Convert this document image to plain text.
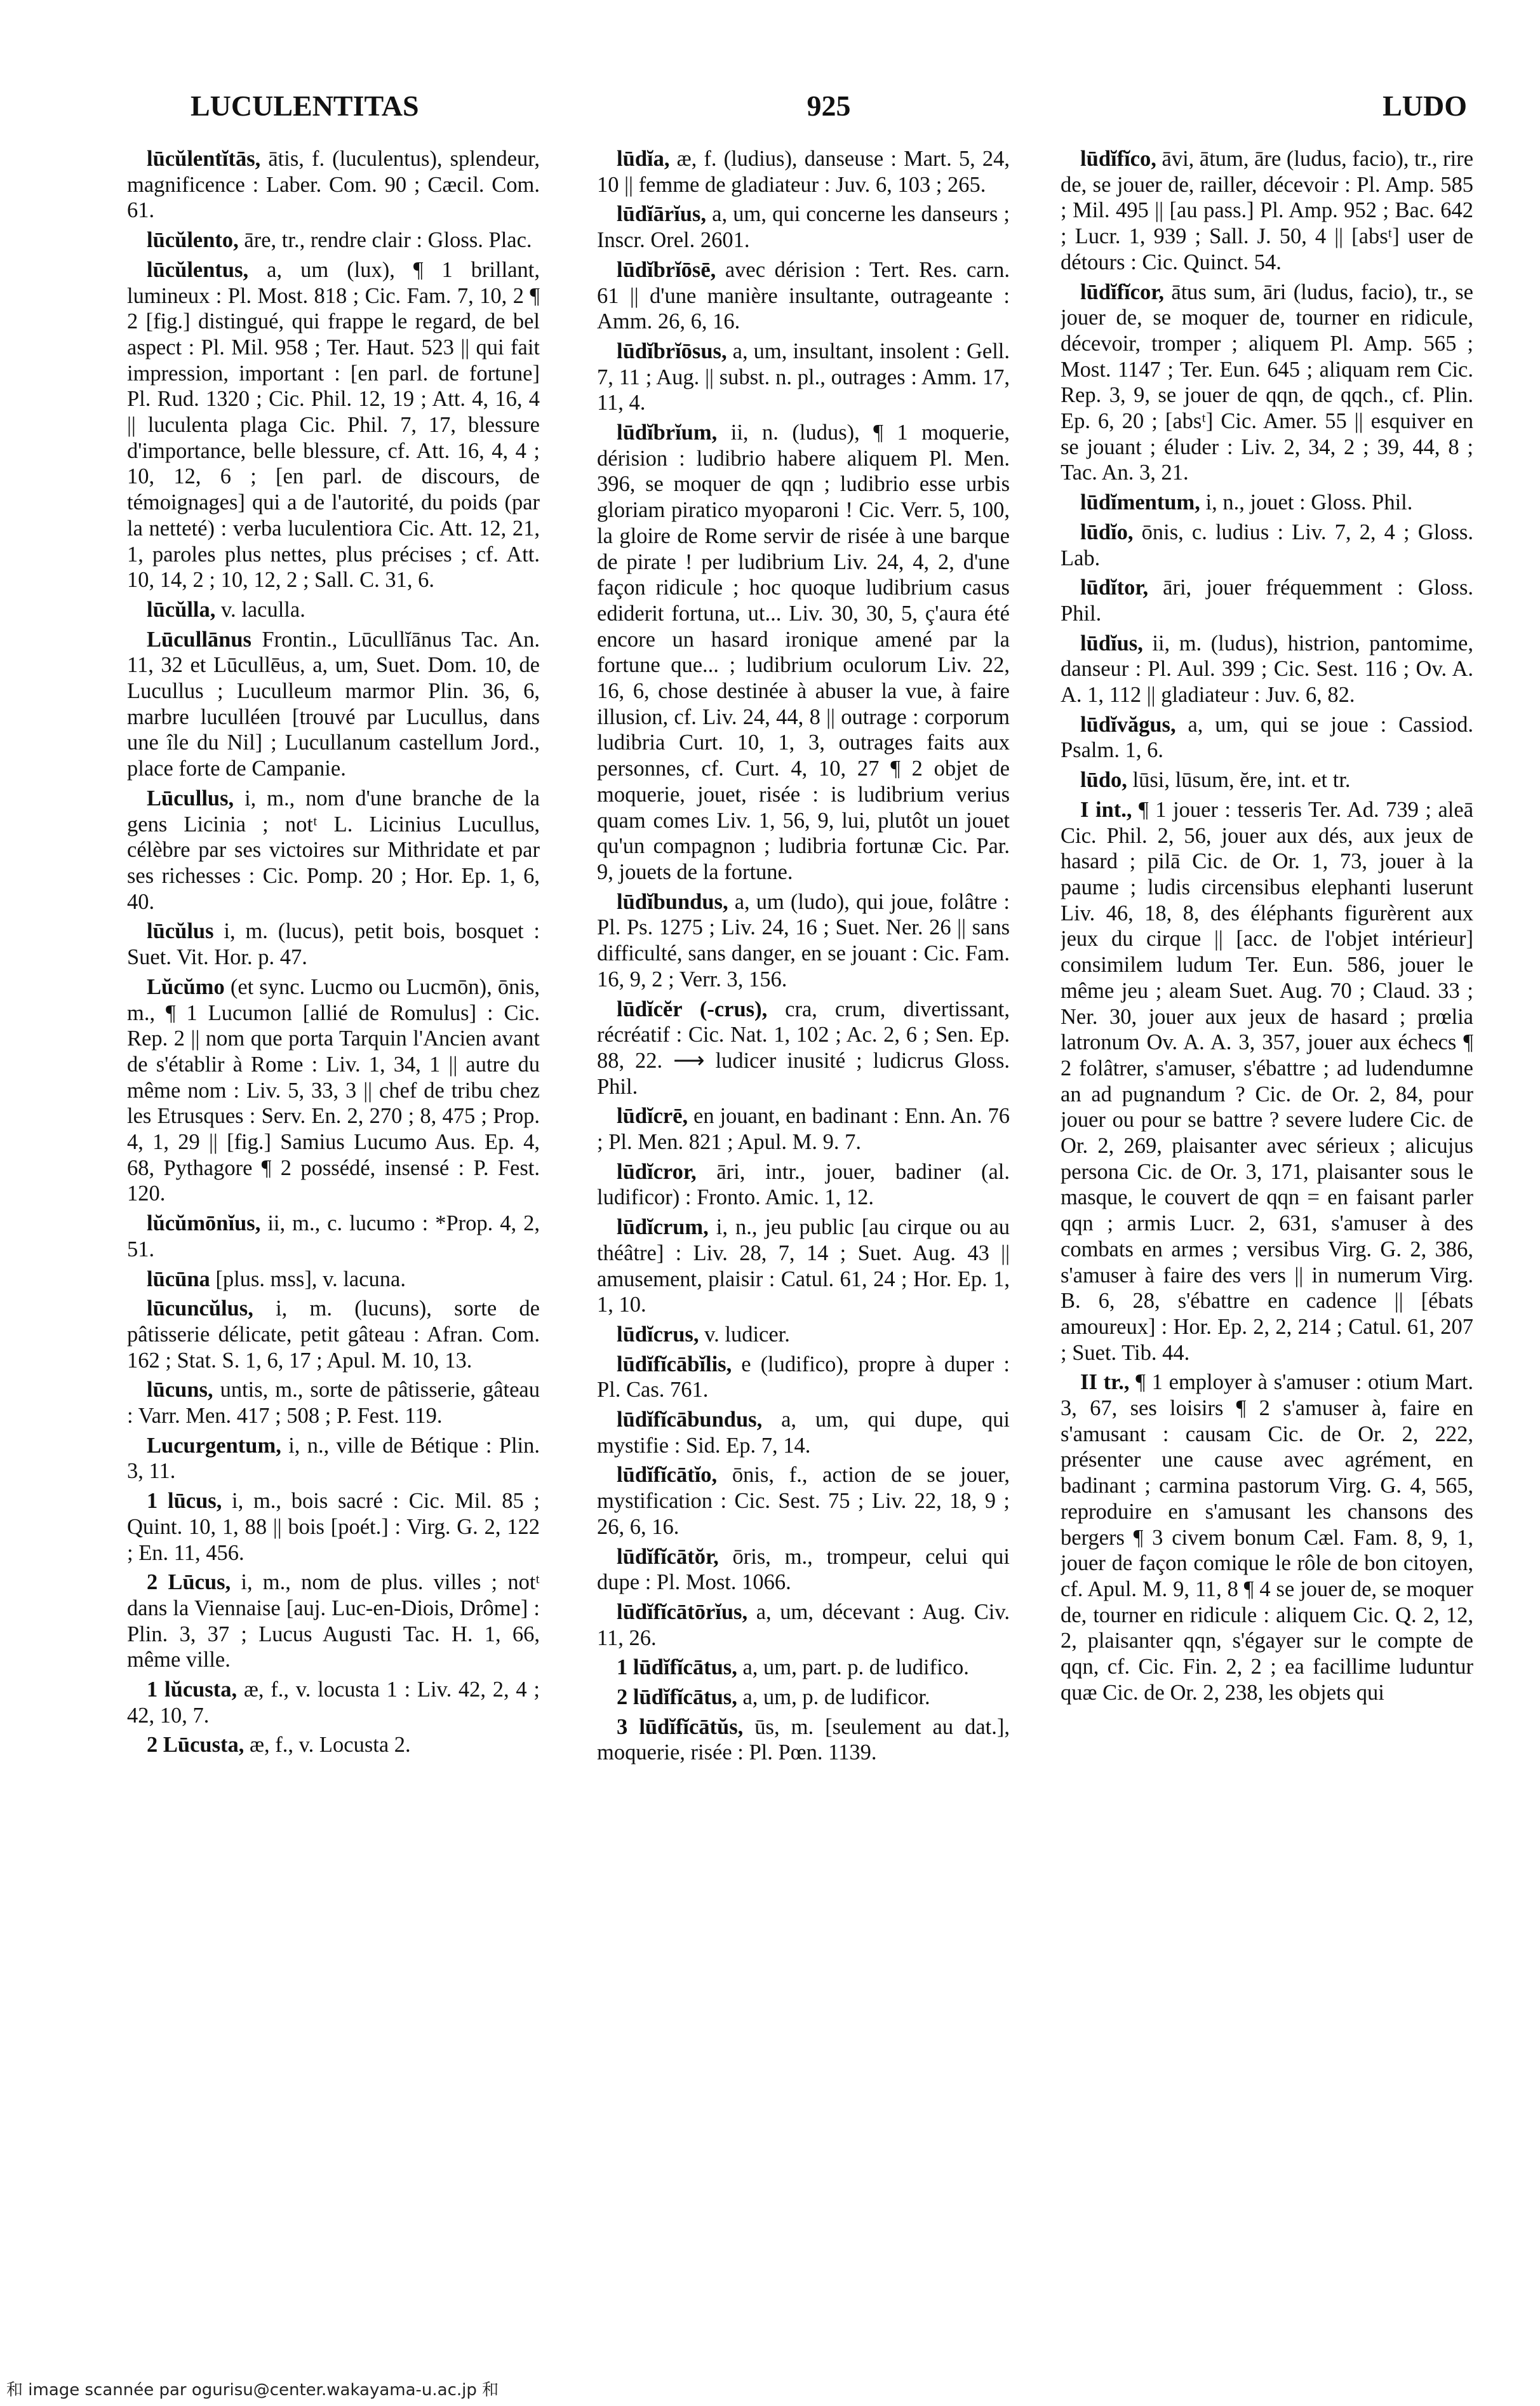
LUCULENTITAS	925	LUDO

lūcŭlentĭtās, ātis, f. (luculentus), splendeur, magnificence : Laber. Com. 90 ; Cæcil. Com. 61.

lūcŭlento, āre, tr., rendre clair : Gloss. Plac.

lūcŭlentus, a, um (lux), ¶ 1 brillant, lumineux : Pl. Most. 818 ; Cic. Fam. 7, 10, 2 ¶ 2 [fig.] distingué, qui frappe le regard, de bel aspect : Pl. Mil. 958 ; Ter. Haut. 523 || qui fait impression, important : [en parl. de fortune] Pl. Rud. 1320 ; Cic. Phil. 12, 19 ; Att. 4, 16, 4 || luculenta plaga Cic. Phil. 7, 17, blessure d'importance, belle blessure, cf. Att. 16, 4, 4 ; 10, 12, 6 ; [en parl. de discours, de témoignages] qui a de l'autorité, du poids (par la netteté) : verba luculentiora Cic. Att. 12, 21, 1, paroles plus nettes, plus précises ; cf. Att. 10, 14, 2 ; 10, 12, 2 ; Sall. C. 31, 6.

lūcŭlla, v. laculla.

Lūcullānus Frontin., Lūcullĭānus Tac. An. 11, 32 et Lūcullēus, a, um, Suet. Dom. 10, de Lucullus ; Lucullеum marmor Plin. 36, 6, marbre luculléen [trouvé par Lucullus, dans une île du Nil] ; Lucullanum castellum Jord., place forte de Campanie.

Lūcullus, i, m., nom d'une branche de la gens Licinia ; notᵗ L. Licinius Lucullus, célèbre par ses victoires sur Mithridate et par ses richesses : Cic. Pomp. 20 ; Hor. Ep. 1, 6, 40.

lūcŭlus i, m. (lucus), petit bois, bosquet : Suet. Vit. Hor. p. 47.

Lŭcŭmo (et sync. Lucmo ou Lucmōn), ōnis, m., ¶ 1 Lucumon [allié de Romulus] : Cic. Rep. 2 || nom que porta Tarquin l'Ancien avant de s'établir à Rome : Liv. 1, 34, 1 || autre du même nom : Liv. 5, 33, 3 || chef de tribu chez les Etrusques : Serv. En. 2, 270 ; 8, 475 ; Prop. 4, 1, 29 || [fig.] Samius Lucumo Aus. Ep. 4, 68, Pythagore ¶ 2 possédé, insensé : P. Fest. 120.

lŭcŭmōnĭus, ii, m., c. lucumo : *Prop. 4, 2, 51.

lūcūna [plus. mss], v. lacuna.

lūcuncŭlus, i, m. (lucuns), sorte de pâtisserie délicate, petit gâteau : Afran. Com. 162 ; Stat. S. 1, 6, 17 ; Apul. M. 10, 13.

lūcuns, untis, m., sorte de pâtisserie, gâteau : Varr. Men. 417 ; 508 ; P. Fest. 119.

Lucurgentum, i, n., ville de Bétique : Plin. 3, 11.

1 lūcus, i, m., bois sacré : Cic. Mil. 85 ; Quint. 10, 1, 88 || bois [poét.] : Virg. G. 2, 122 ; En. 11, 456.

2 Lūcus, i, m., nom de plus. villes ; notᵗ dans la Viennaise [auj. Luc-en-Diois, Drôme] : Plin. 3, 37 ; Lucus Augusti Tac. H. 1, 66, même ville.

1 lŭcusta, æ, f., v. locusta 1 : Liv. 42, 2, 4 ; 42, 10, 7.

2 Lūcusta, æ, f., v. Locusta 2.

lūdĭa, æ, f. (ludius), danseuse : Mart. 5, 24, 10 || femme de gladiateur : Juv. 6, 103 ; 265.

lūdĭārĭus, a, um, qui concerne les danseurs ; Inscr. Orel. 2601.

lūdĭbrĭōsē, avec dérision : Tert. Res. carn. 61 || d'une manière insultante, outrageante : Amm. 26, 6, 16.

lūdĭbrĭōsus, a, um, insultant, insolent : Gell. 7, 11 ; Aug. || subst. n. pl., outrages : Amm. 17, 11, 4.

lūdĭbrĭum, ii, n. (ludus), ¶ 1 moquerie, dérision : ludibrio habere aliquem Pl. Men. 396, se moquer de qqn ; ludibrio esse urbis gloriam piratico myoparoni ! Cic. Verr. 5, 100, la gloire de Rome servir de risée à une barque de pirate ! per ludibrium Liv. 24, 4, 2, d'une façon ridicule ; hoc quoque ludibrium casus ediderit fortuna, ut... Liv. 30, 30, 5, ç'aura été encore un hasard ironique amené par la fortune que... ; ludibrium oculorum Liv. 22, 16, 6, chose destinée à abuser la vue, à faire illusion, cf. Liv. 24, 44, 8 || outrage : corporum ludibria Curt. 10, 1, 3, outrages faits aux personnes, cf. Curt. 4, 10, 27 ¶ 2 objet de moquerie, jouet, risée : is ludibrium verius quam comes Liv. 1, 56, 9, lui, plutôt un jouet qu'un compagnon ; ludibria fortunæ Cic. Par. 9, jouets de la fortune.

lūdĭbundus, a, um (ludo), qui joue, folâtre : Pl. Ps. 1275 ; Liv. 24, 16 ; Suet. Ner. 26 || sans difficulté, sans danger, en se jouant : Cic. Fam. 16, 9, 2 ; Verr. 3, 156.

lūdĭcĕr (-crus), cra, crum, divertissant, récréatif : Cic. Nat. 1, 102 ; Ac. 2, 6 ; Sen. Ep. 88, 22. ⟶ ludicer inusité ; ludicrus Gloss. Phil.

lūdĭcrē, en jouant, en badinant : Enn. An. 76 ; Pl. Men. 821 ; Apul. M. 9. 7.

lūdĭcror, āri, intr., jouer, badiner (al. ludificor) : Fronto. Amic. 1, 12.

lūdĭcrum, i, n., jeu public [au cirque ou au théâtre] : Liv. 28, 7, 14 ; Suet. Aug. 43 || amusement, plaisir : Catul. 61, 24 ; Hor. Ep. 1, 1, 10.

lūdĭcrus, v. ludicer.

lūdĭfĭcābĭlis, e (ludifico), propre à duper : Pl. Cas. 761.

lūdĭfĭcābundus, a, um, qui dupe, qui mystifie : Sid. Ep. 7, 14.

lūdĭfĭcātĭo, ōnis, f., action de se jouer, mystification : Cic. Sest. 75 ; Liv. 22, 18, 9 ; 26, 6, 16.

lūdĭfĭcātŏr, ōris, m., trompeur, celui qui dupe : Pl. Most. 1066.

lūdĭfĭcātōrĭus, a, um, décevant : Aug. Civ. 11, 26.

1 lūdĭfĭcātus, a, um, part. p. de ludifico.

2 lūdĭfĭcātus, a, um, p. de ludificor.

3 lūdĭfĭcātŭs, ūs, m. [seulement au dat.], moquerie, risée : Pl. Pœn. 1139.

lūdĭfĭco, āvi, ātum, āre (ludus, facio), tr., rire de, se jouer de, railler, décevoir : Pl. Amp. 585 ; Mil. 495 || [au pass.] Pl. Amp. 952 ; Bac. 642 ; Lucr. 1, 939 ; Sall. J. 50, 4 || [absᵗ] user de détours : Cic. Quinct. 54.

lūdĭfĭcor, ātus sum, āri (ludus, facio), tr., se jouer de, se moquer de, tourner en ridicule, décevoir, tromper ; aliquem Pl. Amp. 565 ; Most. 1147 ; Ter. Eun. 645 ; aliquam rem Cic. Rep. 3, 9, se jouer de qqn, de qqch., cf. Plin. Ep. 6, 20 ; [absᵗ] Cic. Amer. 55 || esquiver en se jouant ; éluder : Liv. 2, 34, 2 ; 39, 44, 8 ; Tac. An. 3, 21.

lūdĭmentum, i, n., jouet : Gloss. Phil.

lūdĭo, ōnis, c. ludius : Liv. 7, 2, 4 ; Gloss. Lab.

lūdĭtor, āri, jouer fréquemment : Gloss. Phil.

lūdĭus, ii, m. (ludus), histrion, pantomime, danseur : Pl. Aul. 399 ; Cic. Sest. 116 ; Ov. A. A. 1, 112 || gladiateur : Juv. 6, 82.

lūdĭvăgus, a, um, qui se joue : Cassiod. Psalm. 1, 6.

lūdo, lūsi, lūsum, ĕre, int. et tr.

I int., ¶ 1 jouer : tesseris Ter. Ad. 739 ; aleā Cic. Phil. 2, 56, jouer aux dés, aux jeux de hasard ; pilā Cic. de Or. 1, 73, jouer à la paume ; ludis circensibus elephanti luserunt Liv. 46, 18, 8, des éléphants figurèrent aux jeux du cirque || [acc. de l'objet intérieur] consimilem ludum Ter. Eun. 586, jouer le même jeu ; aleam Suet. Aug. 70 ; Claud. 33 ; Ner. 30, jouer aux jeux de hasard ; prœlia latronum Ov. A. A. 3, 357, jouer aux échecs ¶ 2 folâtrer, s'amuser, s'ébattre ; ad ludendumne an ad pugnandum ? Cic. de Or. 2, 84, pour jouer ou pour se battre ? severe ludere Cic. de Or. 2, 269, plaisanter avec sérieux ; alicujus persona Cic. de Or. 3, 171, plaisanter sous le masque, le couvert de qqn = en faisant parler qqn ; armis Lucr. 2, 631, s'amuser à des combats en armes ; versibus Virg. G. 2, 386, s'amuser à faire des vers || in numerum Virg. B. 6, 28, s'ébattre en cadence || [ébats amoureux] : Hor. Ep. 2, 2, 214 ; Catul. 61, 207 ; Suet. Tib. 44.

II tr., ¶ 1 employer à s'amuser : otium Mart. 3, 67, ses loisirs ¶ 2 s'amuser à, faire en s'amusant : causam Cic. de Or. 2, 222, présenter une cause avec agrément, en badinant ; carmina pastorum Virg. G. 4, 565, reproduire en s'amusant les chansons des bergers ¶ 3 civem bonum Cæl. Fam. 8, 9, 1, jouer de façon comique le rôle de bon citoyen, cf. Apul. M. 9, 11, 8 ¶ 4 se jouer de, se moquer de, tourner en ridicule : aliquem Cic. Q. 2, 12, 2, plaisanter qqn, s'égayer sur le compte de qqn, cf. Cic. Fin. 2, 2 ; ea facillime luduntur quæ Cic. de Or. 2, 238, les objets qui

和 image scannée par ogurisu@center.wakayama-u.ac.jp 和
